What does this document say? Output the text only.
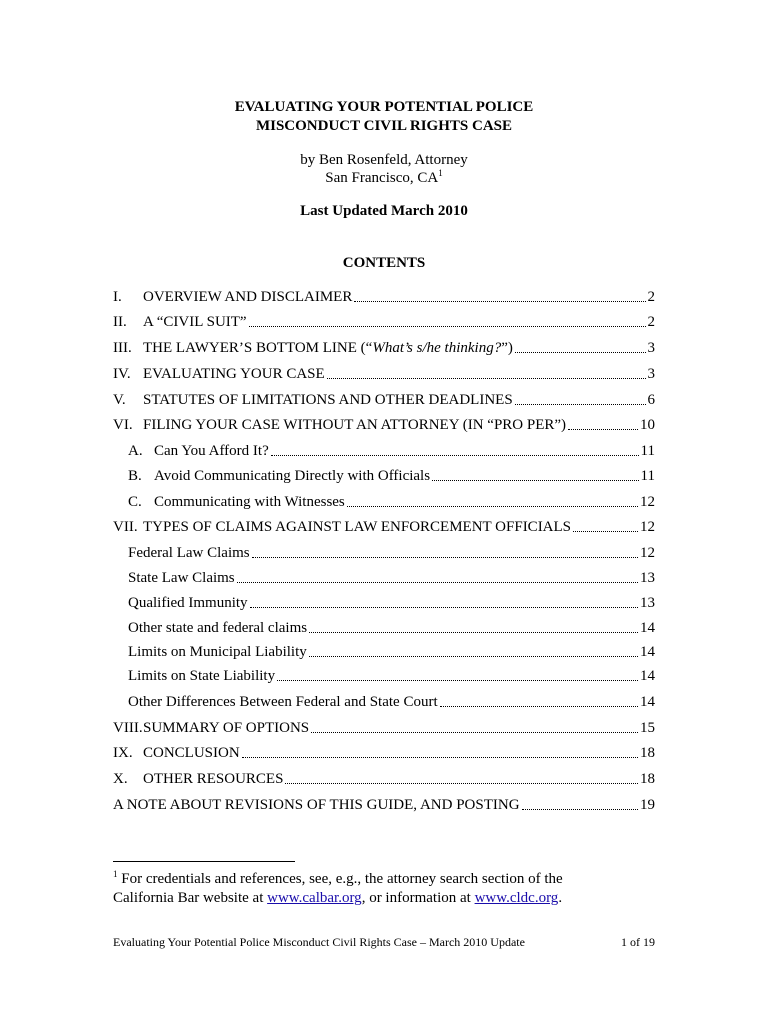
EVALUATING YOUR POTENTIAL POLICE
MISCONDUCT CIVIL RIGHTS CASE
by Ben Rosenfeld, Attorney
San Francisco, $CA^1$
Last Updated March 2010
CONTENTS
I.	OVERVIEW AND DISCLAIMER	2
II.	A “CIVIL SUIT”	2
III. THE LAWYER’S BOTTOM LINE (“What’s s/he thinking?”)	3
IV. EVALUATING YOUR CASE	3
V.	STATUTES OF LIMITATIONS AND OTHER DEADLINES	6
VI. FILING YOUR CASE WITHOUT AN ATTORNEY (IN “PRO PER”)	10
A. Can You Afford It?	11
B. Avoid Communicating Directly with Officials	11
C. Communicating with Witnesses	12
VII. TYPES OF CLAIMS AGAINST LAW ENFORCEMENT OFFICIALS	12
Federal Law Claims	12
State Law Claims	13
Qualified Immunity	13
Other state and federal claims	14
Limits on Municipal Liability	14
Limits on State Liability	14
Other Differences Between Federal and State Court	14
VIII. SUMMARY OF OPTIONS	15
IX. CONCLUSION	18
X.	OTHER RESOURCES	18
A NOTE ABOUT REVISIONS OF THIS GUIDE, AND POSTING	19
$^1$ For credentials and references, see, e.g., the attorney search section of the
California Bar website at www.calbar.org, or information at www.cldc.org.
Evaluating Your Potential Police Misconduct Civil Rights Case – March 2010 Update	1 of 19
